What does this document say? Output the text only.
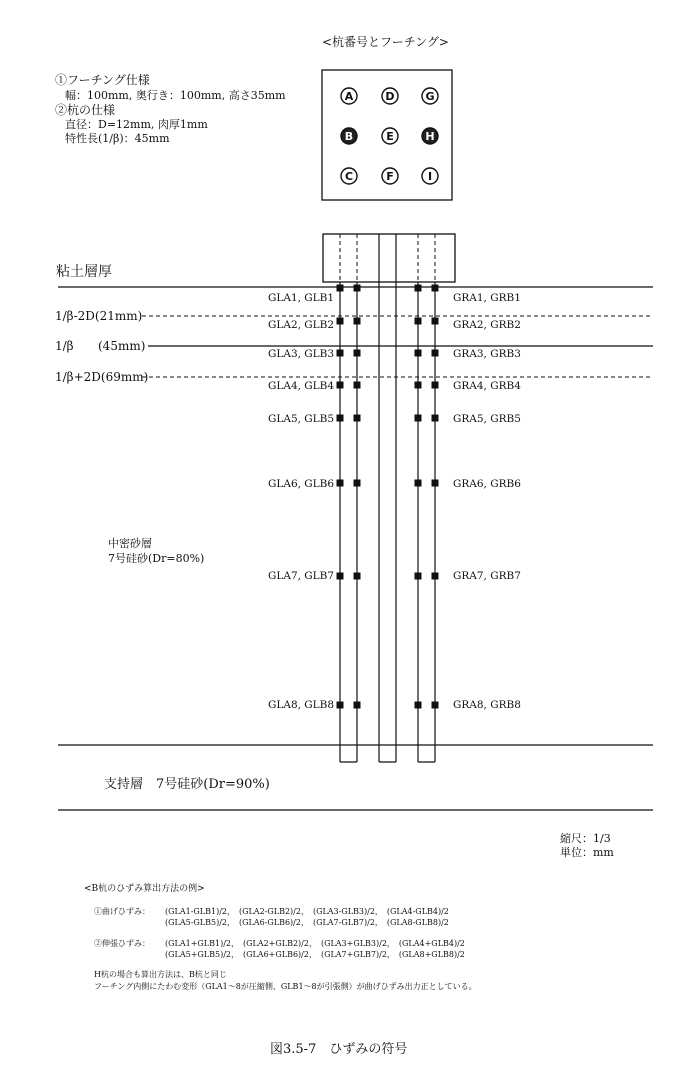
A	D	G
B	E	H
C	F	I
<杭番号とフーチング>
①フーチング仕様
幅：100mm, 奥行き：100mm, 高さ35mm
②杭の仕様
直径：D=12mm, 肉厚1mm
特性長(1/β)：45mm
粘土層厚
1/β-2D(21mm)
1/β (45mm)
1/β+2D(69mm)
中密砂層
7号硅砂(Dr=80%)
支持層　7号硅砂(Dr=90%)
GLA1, GLB1	GRA1, GRB1
GLA2, GLB2	GRA2, GRB2
GLA3, GLB3	GRA3, GRB3
GLA4, GLB4	GRA4, GRB4
GLA5, GLB5	GRA5, GRB5
GLA6, GLB6	GRA6, GRB6
GLA7, GLB7	GRA7, GRB7
GLA8, GLB8	GRA8, GRB8
縮尺：1/3
単位：mm
<B杭のひずみ算出方法の例>
①曲げひずみ： (GLA1-GLB1)/2，　(GLA2-GLB2)/2，　(GLA3-GLB3)/2，　(GLA4-GLB4)/2
(GLA5-GLB5)/2，　(GLA6-GLB6)/2，　(GLA7-GLB7)/2，　(GLA8-GLB8)/2
②伸張ひずみ： (GLA1+GLB1)/2，　(GLA2+GLB2)/2，　(GLA3+GLB3)/2，　(GLA4+GLB4)/2
(GLA5+GLB5)/2，　(GLA6+GLB6)/2，　(GLA7+GLB7)/2，　(GLA8+GLB8)/2
H杭の場合も算出方法は、B杭と同じ
フーチング内側にたわむ変形（GLA1～8が圧縮側、GLB1～8が引張側）が曲げひずみ出力正としている。
図3.5-7　ひずみの符号
